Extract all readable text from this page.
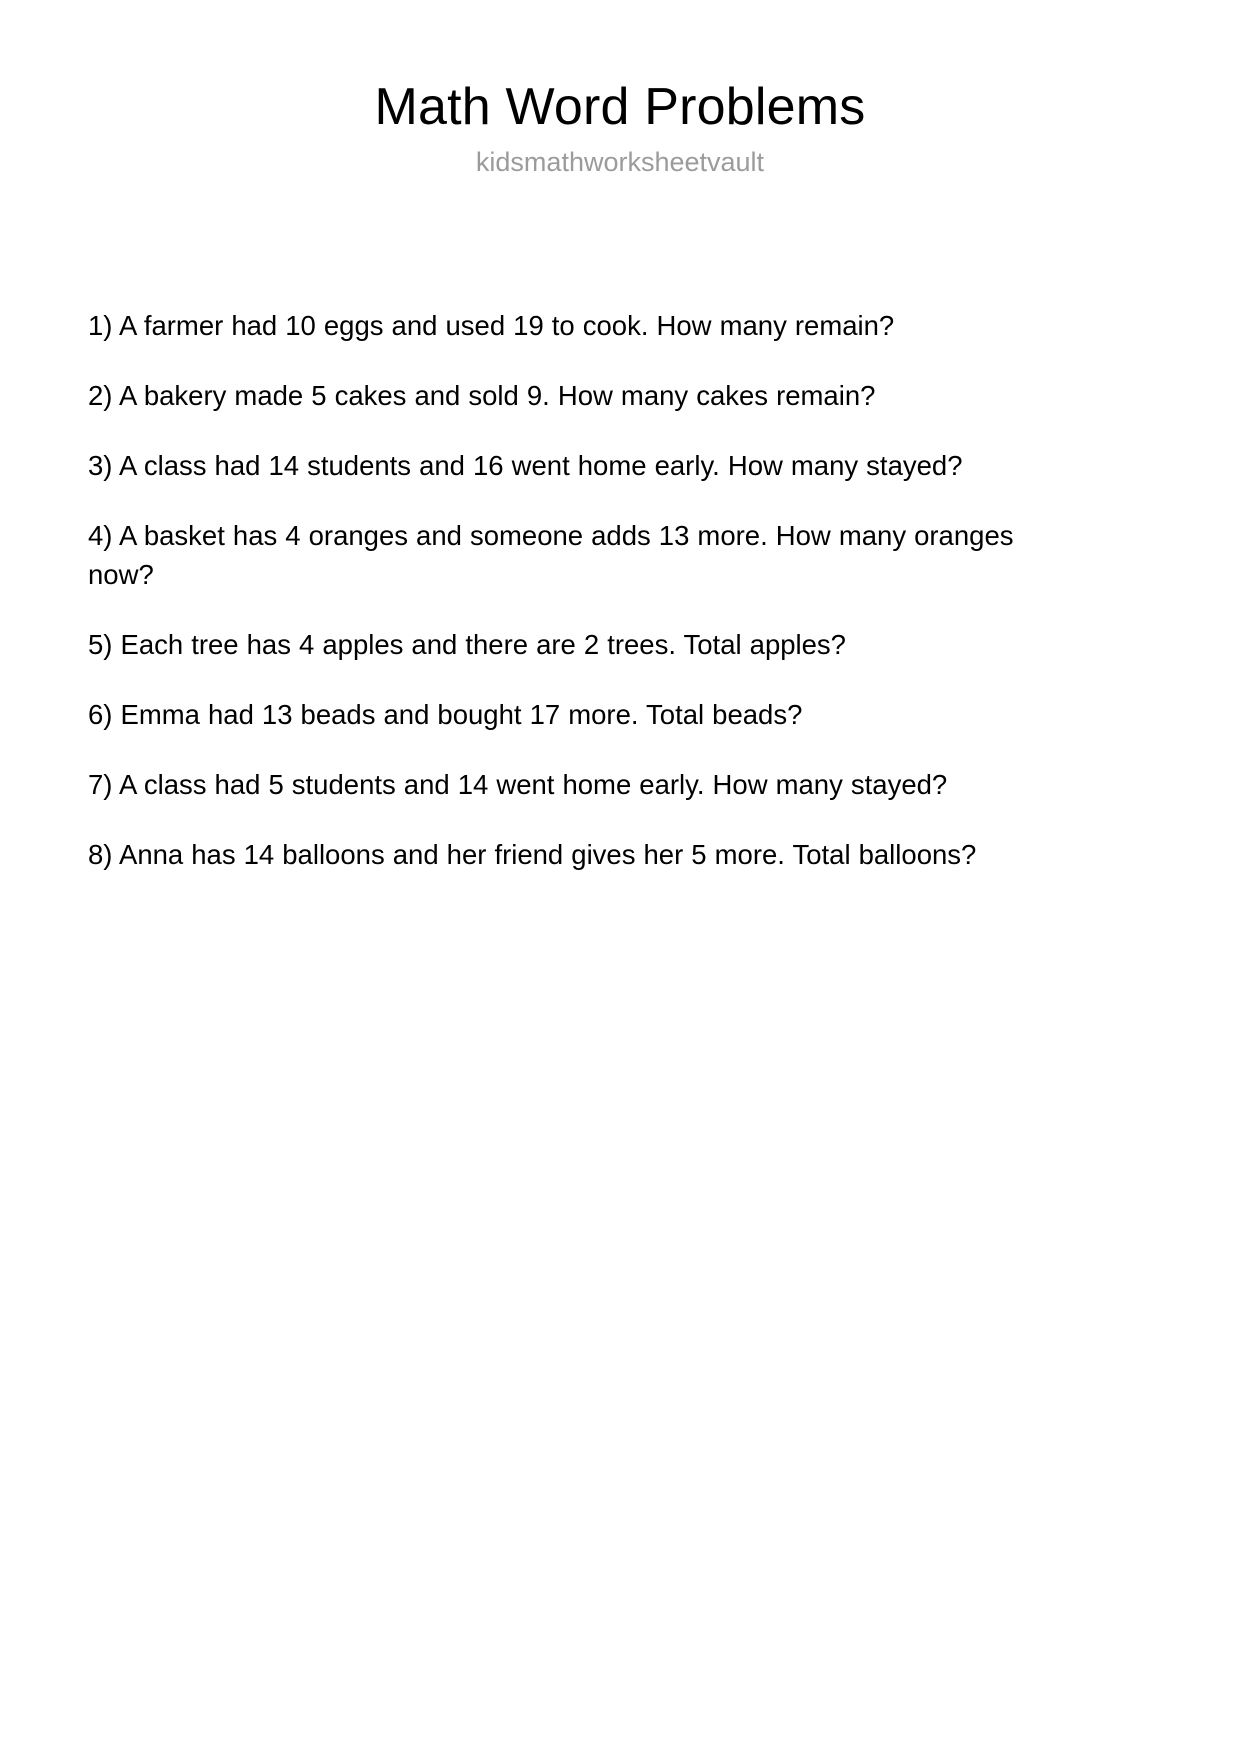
Math Word Problems
kidsmathworksheetvault
1) A farmer had 10 eggs and used 19 to cook. How many remain?
2) A bakery made 5 cakes and sold 9. How many cakes remain?
3) A class had 14 students and 16 went home early. How many stayed?
4) A basket has 4 oranges and someone adds 13 more. How many oranges now?
5) Each tree has 4 apples and there are 2 trees. Total apples?
6) Emma had 13 beads and bought 17 more. Total beads?
7) A class had 5 students and 14 went home early. How many stayed?
8) Anna has 14 balloons and her friend gives her 5 more. Total balloons?
